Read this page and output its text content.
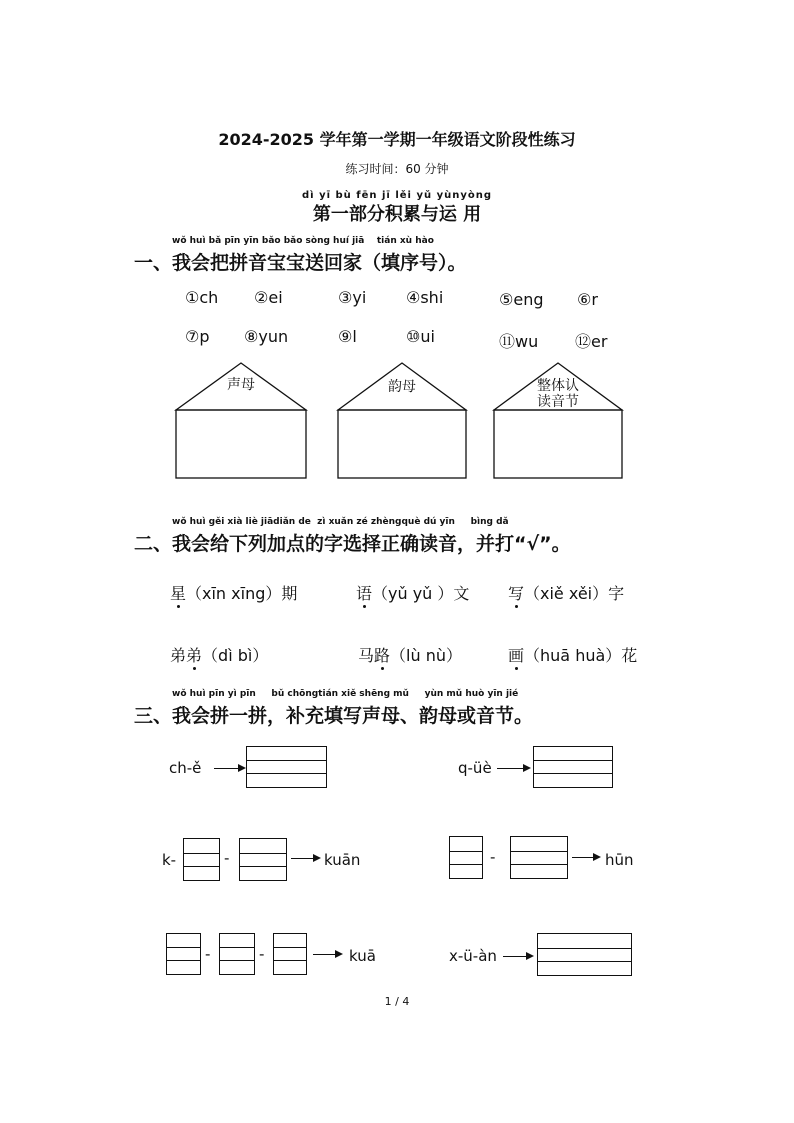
2024-2025 学年第一学期一年级语文阶段性练习
练习时间：60 分钟
dì yī bù fēn jī lěi yǔ yùnyòng
第一部分积累与运 用
wǒ huì bǎ pīn yīn bǎo bǎo sòng huí jiā    tián xù hào
一、我会把拼音宝宝送回家（填序号）。
①ch ②ei	③yi ④shi	⑤eng ⑥r
⑦p ⑧yun	⑨l	⑩ui	⑪wu ⑫er
声母	韵母	整体认
读音节
wǒ huì gěi xià liè jiādiǎn de  zì xuǎn zé zhèngquè dú yīn     bìng dǎ
二、我会给下列加点的字选择正确读音，并打“√”。
星（xīn xīng）期	语（yǔ yǔ ）文 写（xiě xěi）字
弟弟（dì bì）	马路（lù nù）	画（huā huà）花
wǒ huì pīn yì pīn     bǔ chōngtián xiě shēng mǔ     yùn mǔ huò yīn jié
三、我会拼一拼，补充填写声母、韵母或音节。
ch-ě	q-üè
k-	-	kuān	-	hūn
-	-	kuā	x-ü-àn
1 / 4
